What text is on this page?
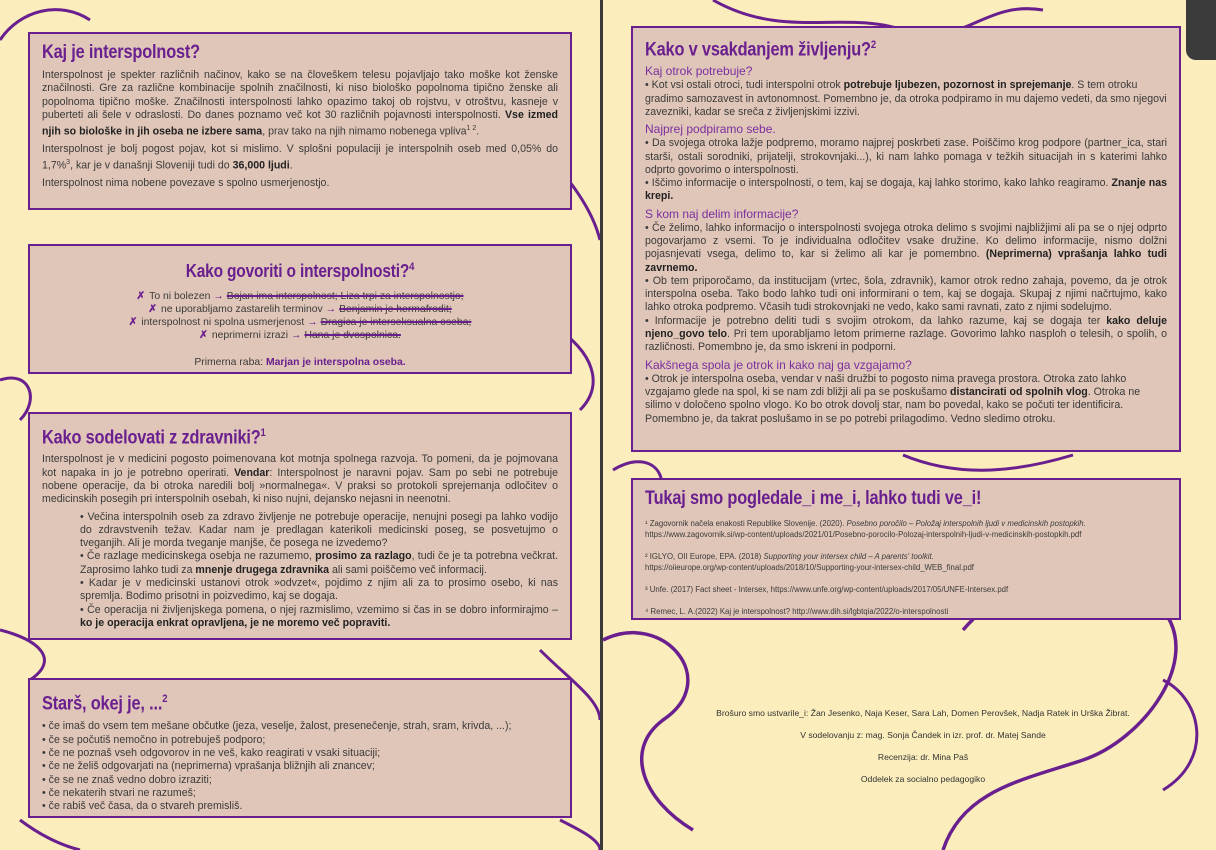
Kaj je interspolnost?

Interspolnost je spekter različnih načinov, kako se na človeškem telesu pojavljajo tako moške kot ženske značilnosti. Gre za različne kombinacije spolnih značilnosti, ki niso biološko popolnoma tipično ženske ali popolnoma tipično moške. Značilnosti interspolnosti lahko opazimo takoj ob rojstvu, v otroštvu, kasneje v puberteti ali šele v odraslosti. Do danes poznamo več kot 30 različnih pojavnosti interspolnosti. Vse izmed njih so biološke in jih oseba ne izbere sama, prav tako na njih nimamo nobenega vpliva$^{1 2}$.

Interspolnost je bolj pogost pojav, kot si mislimo. V splošni populaciji je interspolnih oseb med 0,05% do 1,7%$^3$, kar je v današnji Sloveniji tudi do 36,000 ljudi.

Interspolnost nima nobene povezave s spolno usmerjenostjo.

Kako govoriti o interspolnosti?$^4$
✗ To ni bolezen → Bojan ima interspolnost; Liza trpi za interspolnostjo;
✗ ne uporabljamo zastarelih terminov → Benjamin je hermafrodit;
✗ interspolnost ni spolna usmerjenost → Dragica je interseksualna oseba;
✗ neprimerni izrazi → Hana je dvospolnica.
Primerna raba: Marjan je interspolna oseba.
Kako sodelovati z zdravniki?$^1$

Interspolnost je v medicini pogosto poimenovana kot motnja spolnega razvoja. To pomeni, da je pojmovana kot napaka in jo je potrebno operirati. Vendar: Interspolnost je naravni pojav. Sam po sebi ne potrebuje nobene operacije, da bi otroka naredili bolj »normalnega«. V praksi so protokoli sprejemanja odločitev o medicinskih posegih pri interspolnih osebah, ki niso nujni, dejansko nejasni in neenotni.

• Večina interspolnih oseb za zdravo življenje ne potrebuje operacije, nenujni posegi pa lahko vodijo do zdravstvenih težav. Kadar nam je predlagan katerikoli medicinski poseg, se posvetujmo o tveganjih. Ali je morda tveganje manjše, če posega ne izvedemo?
• Če razlage medicinskega osebja ne razumemo, prosimo za razlago, tudi če je ta potrebna večkrat. Zaprosimo lahko tudi za mnenje drugega zdravnika ali sami poiščemo več informacij.
• Kadar je v medicinski ustanovi otrok »odvzet«, pojdimo z njim ali za to prosimo osebo, ki nas spremlja. Bodimo prisotni in poizvedimo, kaj se dogaja.
• Če operacija ni življenjskega pomena, o njej razmislimo, vzemimo si čas in se dobro informirajmo – ko je operacija enkrat opravljena, je ne moremo več popraviti.
Starš, okej je, ...$^2$
• če imaš do vsem tem mešane občutke (jeza, veselje, žalost, presenečenje, strah, sram, krivda, ...);
• če se počutiš nemočno in potrebuješ podporo;
• če ne poznaš vseh odgovorov in ne veš, kako reagirati v vsaki situaciji;
• če ne želiš odgovarjati na (neprimerna) vprašanja bližnjih ali znancev;
• če se ne znaš vedno dobro izraziti;
• če nekaterih stvari ne razumeš;
• če rabiš več časa, da o stvareh premisliš.
Kako v vsakdanjem življenju?$^2$
Kaj otrok potrebuje?
• Kot vsi ostali otroci, tudi interspolni otrok potrebuje ljubezen, pozornost in sprejemanje. S tem otroku gradimo samozavest in avtonomnost. Pomembno je, da otroka podpiramo in mu dajemo vedeti, da smo njegovi zavezniki, kadar se sreča z življenjskimi izzivi.
Najprej podpiramo sebe.
• Da svojega otroka lažje podpremo, moramo najprej poskrbeti zase. Poiščimo krog podpore (partner_ica, stari starši, ostali sorodniki, prijatelji, strokovnjaki...), ki nam lahko pomaga v težkih situacijah in s katerimi lahko odprto govorimo o interspolnosti.
• Iščimo informacije o interspolnosti, o tem, kaj se dogaja, kaj lahko storimo, kako lahko reagiramo. Znanje nas krepi.
S kom naj delim informacije?
• Če želimo, lahko informacijo o interspolnosti svojega otroka delimo s svojimi najbližjimi ali pa se o njej odprto pogovarjamo z vsemi. To je individualna odločitev vsake družine. Ko delimo informacije, nismo dolžni pojasnjevati vsega, delimo to, kar si želimo ali kar je pomembno. (Neprimerna) vprašanja lahko tudi zavrnemo.
• Ob tem priporočamo, da institucijam (vrtec, šola, zdravnik), kamor otrok redno zahaja, povemo, da je otrok interspolna oseba. Tako bodo lahko tudi oni informirani o tem, kaj se dogaja. Skupaj z njimi načrtujmo, kako lahko otroka podpremo. Včasih tudi strokovnjaki ne vedo, kako sami ravnati, zato z njimi sodelujmo.
• Informacije je potrebno deliti tudi s svojim otrokom, da lahko razume, kaj se dogaja ter kako deluje njeno_govo telo. Pri tem uporabljamo letom primerne razlage. Govorimo lahko nasploh o telesih, o spolih, o različnosti. Pomembno je, da smo iskreni in podporni.
Kakšnega spola je otrok in kako naj ga vzgajamo?
• Otrok je interspolna oseba, vendar v naši družbi to pogosto nima pravega prostora. Otroka zato lahko vzgajamo glede na spol, ki se nam zdi bližji ali pa se poskušamo distancirati od spolnih vlog. Otroka ne silimo v določeno spolno vlogo. Ko bo otrok dovolj star, nam bo povedal, kako se počuti ter identificira. Pomembno je, da takrat poslušamo in se po potrebi prilagodimo. Vedno sledimo otroku.
Tukaj smo pogledale_i me_i, lahko tudi ve_i!
¹ Zagovornik načela enakosti Republike Slovenije. (2020). Posebno poročilo – Položaj interspolnih ljudi v medicinskih postopkih.
https://www.zagovornik.si/wp-content/uploads/2021/01/Posebno-porocilo-Polozaj-interspolnih-ljudi-v-medicinskih-postopkih.pdf
² IGLYO, OII Europe, EPA. (2018) Supporting your intersex child – A parents' toolkit.
https://oiieurope.org/wp-content/uploads/2018/10/Supporting-your-intersex-child_WEB_final.pdf
³ Unfe. (2017) Fact sheet - Intersex, https://www.unfe.org/wp-content/uploads/2017/05/UNFE-Intersex.pdf
⁴ Remec, L. A.(2022) Kaj je interspolnost? http://www.dih.si/lgbtqia/2022/o-interspolnosti
Brošuro smo ustvarile_i: Žan Jesenko, Naja Keser, Sara Lah, Domen Perovšek, Nadja Ratek in Urška Žibrat.
V sodelovanju z: mag. Sonja Čandek in izr. prof. dr. Matej Sande
Recenzija: dr. Mina Paš
Oddelek za socialno pedagogiko
